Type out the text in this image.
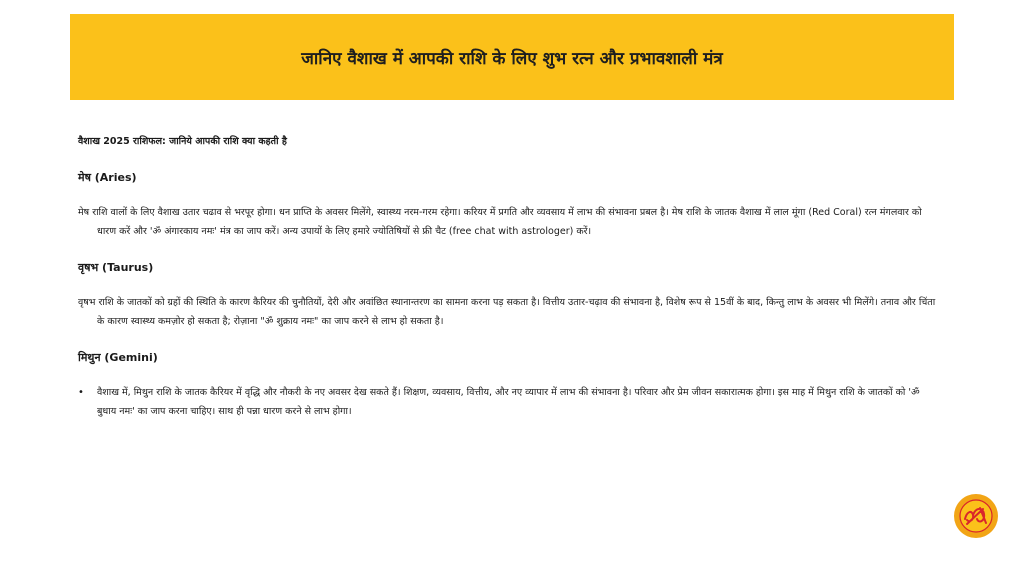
जानिए वैशाख में आपकी राशि के लिए शुभ रत्न और प्रभावशाली मंत्र

वैशाख 2025 राशिफल: जानिये आपकी राशि क्या कहती है

मेष (Aries)

मेष राशि वालों के लिए वैशाख उतार चढाव से भरपूर होगा। धन प्राप्ति के अवसर मिलेंगे, स्वास्थ्य नरम-गरम रहेगा। करियर में प्रगति और व्यवसाय में लाभ की संभावना प्रबल है। मेष राशि के जातक वैशाख में लाल मूंगा (Red Coral) रत्न मंगलवार को धारण करें और 'ॐ अंगारकाय नमः' मंत्र का जाप करें। अन्य उपायों के लिए हमारे ज्योतिषियों से फ्री चैट (free chat with astrologer) करें।

वृषभ (Taurus)

वृषभ राशि के जातकों को ग्रहों की स्थिति के कारण कैरियर की चुनौतियों, देरी और अवांछित स्थानान्तरण का सामना करना पड़ सकता है। वित्तीय उतार-चढ़ाव की संभावना है, विशेष रूप से 15वीं के बाद, किन्तु लाभ के अवसर भी मिलेंगे। तनाव और चिंता के कारण स्वास्थ्य कमज़ोर हो सकता है; रोज़ाना "ॐ शुक्राय नमः" का जाप करने से लाभ हो सकता है।

मिथुन (Gemini)

•	वैशाख में, मिथुन राशि के जातक कैरियर में वृद्धि और नौकरी के नए अवसर देख सकते हैं। शिक्षण, व्यवसाय, वित्तीय, और नए व्यापार में लाभ की संभावना है। परिवार और प्रेम जीवन सकारात्मक होगा। इस माह में मिथुन राशि के जातकों को 'ॐ बुधाय नमः' का जाप करना चाहिए। साथ ही पन्ना धारण करने से लाभ होगा।
